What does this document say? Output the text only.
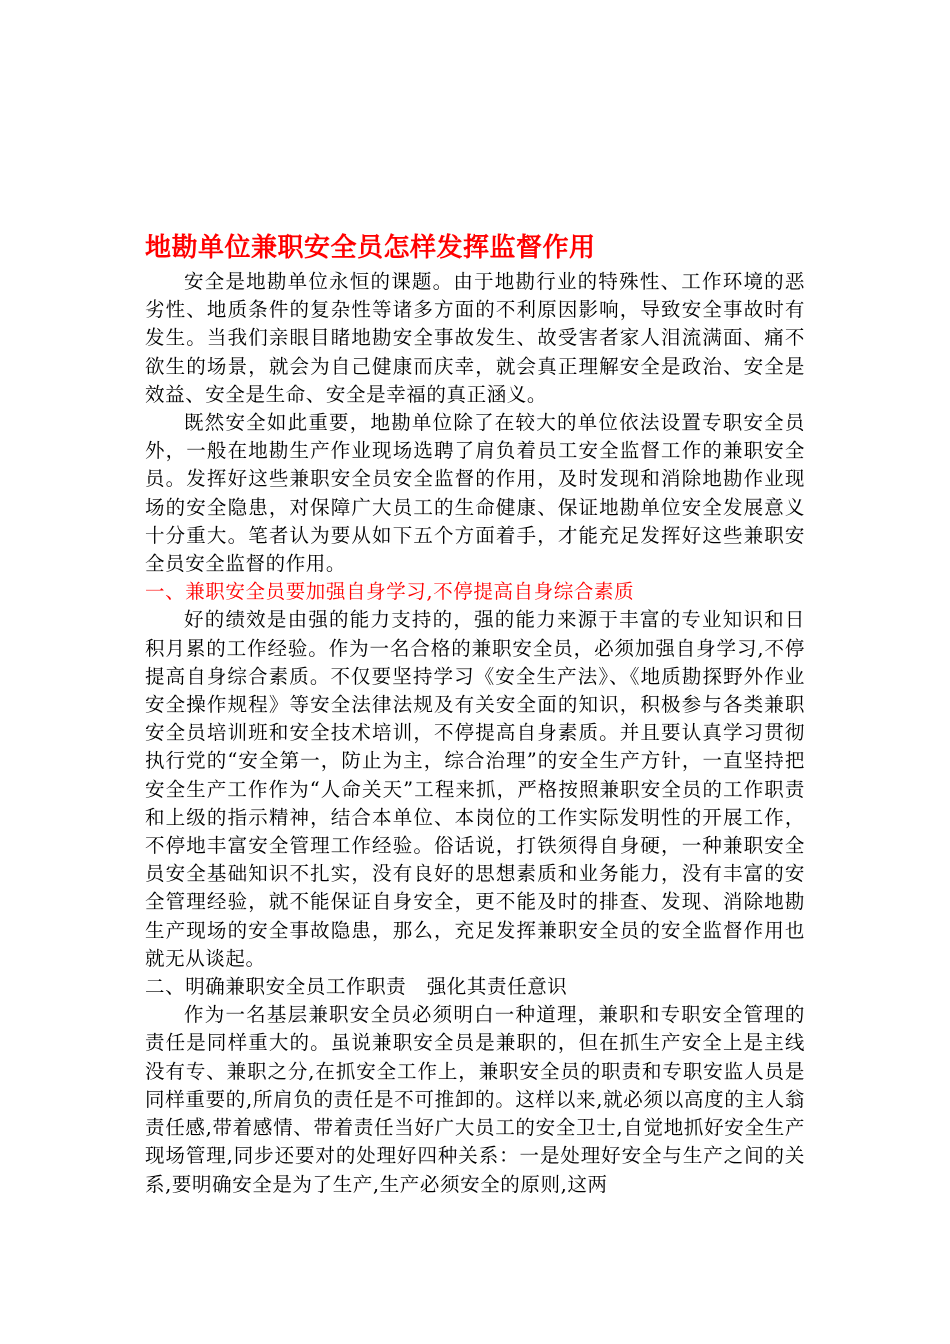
地勘单位兼职安全员怎样发挥监督作用

安全是地勘单位永恒的课题。由于地勘行业的特殊性、工作环境的恶劣性、地质条件的复杂性等诸多方面的不利原因影响，导致安全事故时有发生。当我们亲眼目睹地勘安全事故发生、故受害者家人泪流满面、痛不欲生的场景，就会为自己健康而庆幸，就会真正理解安全是政治、安全是效益、安全是生命、安全是幸福的真正涵义。

既然安全如此重要，地勘单位除了在较大的单位依法设置专职安全员外，一般在地勘生产作业现场选聘了肩负着员工安全监督工作的兼职安全员。发挥好这些兼职安全员安全监督的作用，及时发现和消除地勘作业现场的安全隐患，对保障广大员工的生命健康、保证地勘单位安全发展意义十分重大。笔者认为要从如下五个方面着手，才能充足发挥好这些兼职安全员安全监督的作用。

一、兼职安全员要加强自身学习,不停提高自身综合素质

好的绩效是由强的能力支持的，强的能力来源于丰富的专业知识和日积月累的工作经验。作为一名合格的兼职安全员，必须加强自身学习,不停提高自身综合素质。不仅要坚持学习《安全生产法》、《地质勘探野外作业安全操作规程》等安全法律法规及有关安全面的知识，积极参与各类兼职安全员培训班和安全技术培训，不停提高自身素质。并且要认真学习贯彻执行党的“安全第一，防止为主，综合治理”的安全生产方针，一直坚持把安全生产工作作为“人命关天”工程来抓，严格按照兼职安全员的工作职责和上级的指示精神，结合本单位、本岗位的工作实际发明性的开展工作，不停地丰富安全管理工作经验。俗话说，打铁须得自身硬，一种兼职安全员安全基础知识不扎实，没有良好的思想素质和业务能力，没有丰富的安全管理经验，就不能保证自身安全，更不能及时的排查、发现、消除地勘生产现场的安全事故隐患，那么，充足发挥兼职安全员的安全监督作用也就无从谈起。

二、明确兼职安全员工作职责   强化其责任意识

作为一名基层兼职安全员必须明白一种道理，兼职和专职安全管理的责任是同样重大的。虽说兼职安全员是兼职的，但在抓生产安全上是主线没有专、兼职之分,在抓安全工作上，兼职安全员的职责和专职安监人员是同样重要的,所肩负的责任是不可推卸的。这样以来,就必须以高度的主人翁责任感,带着感情、带着责任当好广大员工的安全卫士,自觉地抓好安全生产现场管理,同步还要对的处理好四种关系：一是处理好安全与生产之间的关系,要明确安全是为了生产,生产必须安全的原则,这两
